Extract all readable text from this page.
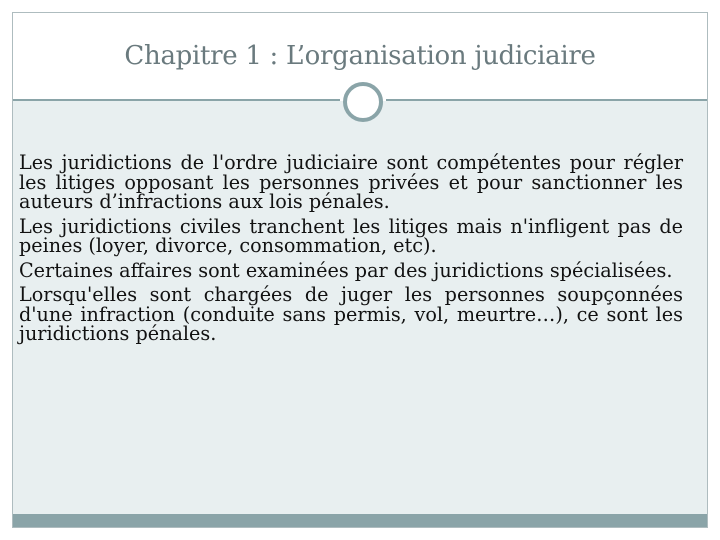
Chapitre 1 : L’organisation judiciaire

Les juridictions de l'ordre judiciaire sont compétentes pour régler les litiges opposant les personnes privées et pour sanctionner les auteurs d’infractions aux lois pénales.

Les juridictions civiles tranchent les litiges mais n'infligent pas de peines (loyer, divorce, consommation, etc).

Certaines affaires sont examinées par des juridictions spécialisées.

Lorsqu'elles sont chargées de juger les personnes soupçonnées d'une infraction (conduite sans permis, vol, meurtre…), ce sont les juridictions pénales.
